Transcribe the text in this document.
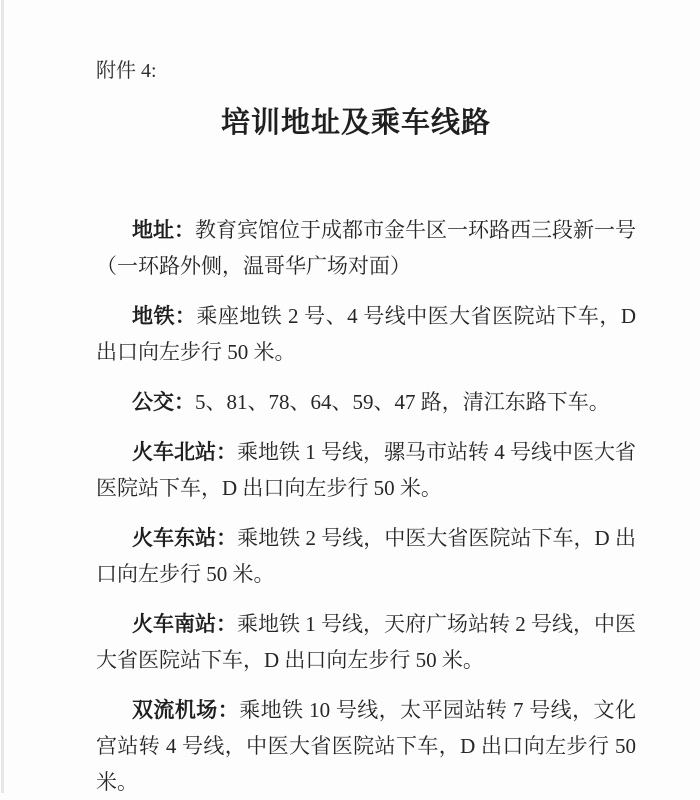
附件 4:
培训地址及乘车线路

地址：教育宾馆位于成都市金牛区一环路西三段新一号（一环路外侧，温哥华广场对面）

地铁：乘座地铁 2 号、4 号线中医大省医院站下车，D 出口向左步行 50 米。

公交：5、81、78、64、59、47 路，清江东路下车。

火车北站：乘地铁 1 号线，骡马市站转 4 号线中医大省医院站下车，D 出口向左步行 50 米。

火车东站：乘地铁 2 号线，中医大省医院站下车，D 出口向左步行 50 米。

火车南站：乘地铁 1 号线，天府广场站转 2 号线，中医大省医院站下车，D 出口向左步行 50 米。

双流机场：乘地铁 10 号线，太平园站转 7 号线，文化宫站转 4 号线，中医大省医院站下车，D 出口向左步行 50 米。
